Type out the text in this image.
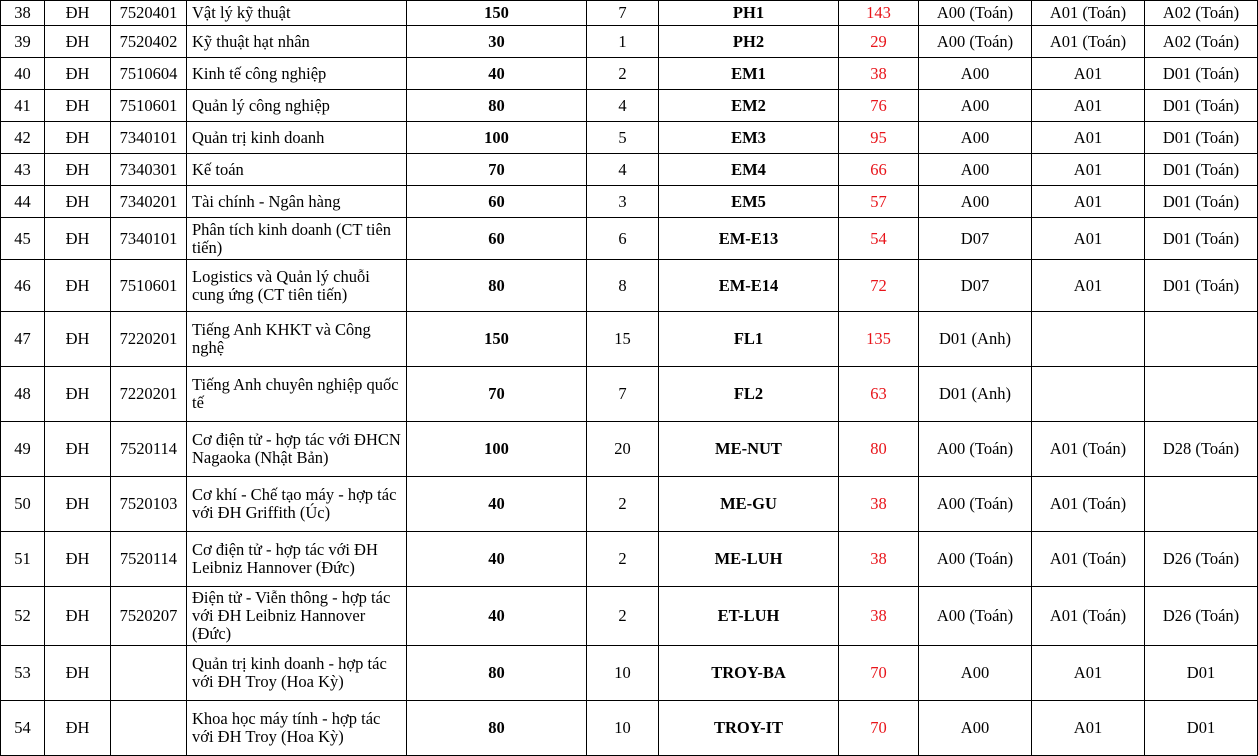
38	ĐH	7520401	Vật lý kỹ thuật	150	7	PH1	143	A00 (Toán)	A01 (Toán)	A02 (Toán)
39	ĐH	7520402	Kỹ thuật hạt nhân	30	1	PH2	29	A00 (Toán)	A01 (Toán)	A02 (Toán)
40	ĐH	7510604	Kinh tế công nghiệp	40	2	EM1	38	A00	A01	D01 (Toán)
41	ĐH	7510601	Quản lý công nghiệp	80	4	EM2	76	A00	A01	D01 (Toán)
42	ĐH	7340101	Quản trị kinh doanh	100	5	EM3	95	A00	A01	D01 (Toán)
43	ĐH	7340301	Kế toán	70	4	EM4	66	A00	A01	D01 (Toán)
44	ĐH	7340201	Tài chính - Ngân hàng	60	3	EM5	57	A00	A01	D01 (Toán)
45	ĐH	7340101	Phân tích kinh doanh (CT tiên tiến)	60	6	EM-E13	54	D07	A01	D01 (Toán)
46	ĐH	7510601	Logistics và Quản lý chuỗi cung ứng (CT tiên tiến)	80	8	EM-E14	72	D07	A01	D01 (Toán)
47	ĐH	7220201	Tiếng Anh KHKT và Công nghệ	150	15	FL1	135	D01 (Anh)		
48	ĐH	7220201	Tiếng Anh chuyên nghiệp quốc tế	70	7	FL2	63	D01 (Anh)		
49	ĐH	7520114	Cơ điện tử - hợp tác với ĐHCN Nagaoka (Nhật Bản)	100	20	ME-NUT	80	A00 (Toán)	A01 (Toán)	D28 (Toán)
50	ĐH	7520103	Cơ khí - Chế tạo máy - hợp tác với ĐH Griffith (Úc)	40	2	ME-GU	38	A00 (Toán)	A01 (Toán)	
51	ĐH	7520114	Cơ điện tử - hợp tác với ĐH Leibniz Hannover (Đức)	40	2	ME-LUH	38	A00 (Toán)	A01 (Toán)	D26 (Toán)
52	ĐH	7520207	Điện tử - Viễn thông - hợp tác với ĐH Leibniz Hannover (Đức)	40	2	ET-LUH	38	A00 (Toán)	A01 (Toán)	D26 (Toán)
53	ĐH		Quản trị kinh doanh - hợp tác với ĐH Troy (Hoa Kỳ)	80	10	TROY-BA	70	A00	A01	D01
54	ĐH		Khoa học máy tính - hợp tác với ĐH Troy (Hoa Kỳ)	80	10	TROY-IT	70	A00	A01	D01
